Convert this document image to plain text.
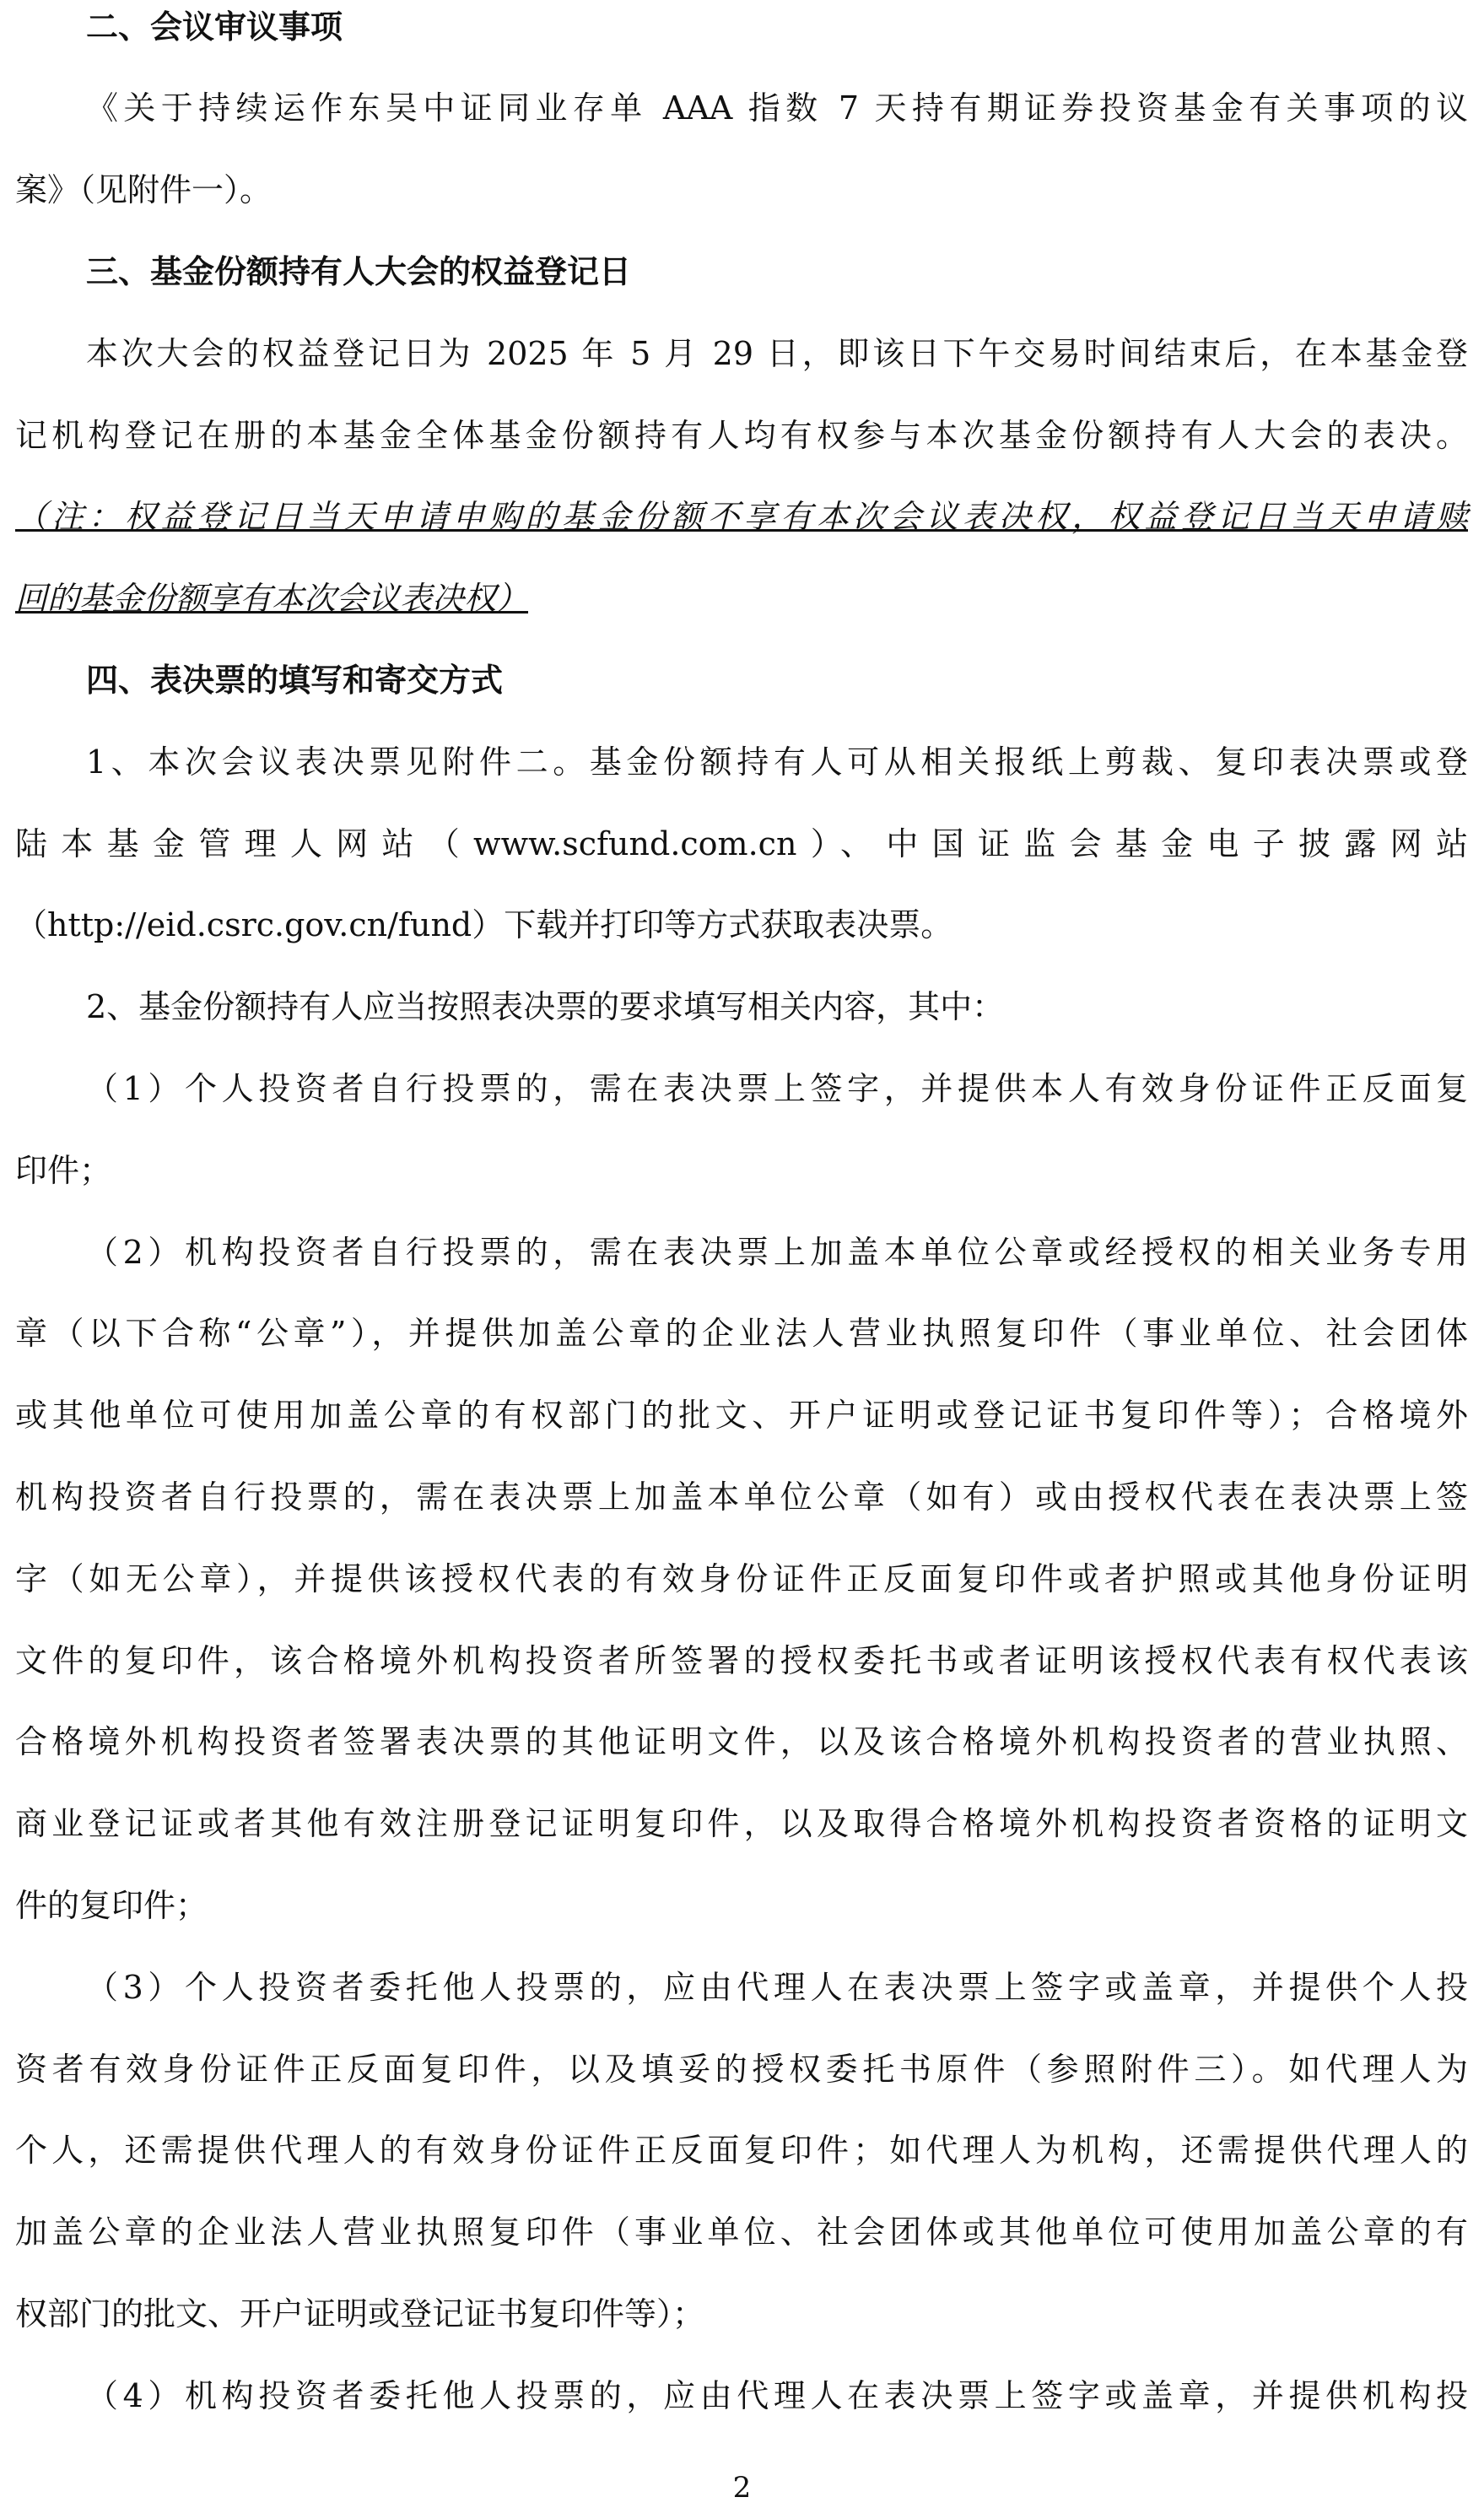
二、会议审议事项
《关于持续运作东吴中证同业存单 AAA 指数 7 天持有期证券投资基金有关事项的议
案》（见附件一）。
三、基金份额持有人大会的权益登记日
本次大会的权益登记日为 2025 年 5 月 29 日，即该日下午交易时间结束后，在本基金登
记机构登记在册的本基金全体基金份额持有人均有权参与本次基金份额持有人大会的表决。
（注：权益登记日当天申请申购的基金份额不享有本次会议表决权，权益登记日当天申请赎
回的基金份额享有本次会议表决权）
四、表决票的填写和寄交方式
1、本次会议表决票见附件二。基金份额持有人可从相关报纸上剪裁、复印表决票或登
陆本基金管理人网站（www.scfund.com.cn）、中国证监会基金电子披露网站
（http://eid.csrc.gov.cn/fund）下载并打印等方式获取表决票。
2、基金份额持有人应当按照表决票的要求填写相关内容，其中：
（1）个人投资者自行投票的，需在表决票上签字，并提供本人有效身份证件正反面复
印件；
（2）机构投资者自行投票的，需在表决票上加盖本单位公章或经授权的相关业务专用
章（以下合称“公章”），并提供加盖公章的企业法人营业执照复印件（事业单位、社会团体
或其他单位可使用加盖公章的有权部门的批文、开户证明或登记证书复印件等）；合格境外
机构投资者自行投票的，需在表决票上加盖本单位公章（如有）或由授权代表在表决票上签
字（如无公章），并提供该授权代表的有效身份证件正反面复印件或者护照或其他身份证明
文件的复印件，该合格境外机构投资者所签署的授权委托书或者证明该授权代表有权代表该
合格境外机构投资者签署表决票的其他证明文件，以及该合格境外机构投资者的营业执照、
商业登记证或者其他有效注册登记证明复印件，以及取得合格境外机构投资者资格的证明文
件的复印件；
（3）个人投资者委托他人投票的，应由代理人在表决票上签字或盖章，并提供个人投
资者有效身份证件正反面复印件，以及填妥的授权委托书原件（参照附件三）。如代理人为
个人，还需提供代理人的有效身份证件正反面复印件；如代理人为机构，还需提供代理人的
加盖公章的企业法人营业执照复印件（事业单位、社会团体或其他单位可使用加盖公章的有
权部门的批文、开户证明或登记证书复印件等）；
（4）机构投资者委托他人投票的，应由代理人在表决票上签字或盖章，并提供机构投
2
